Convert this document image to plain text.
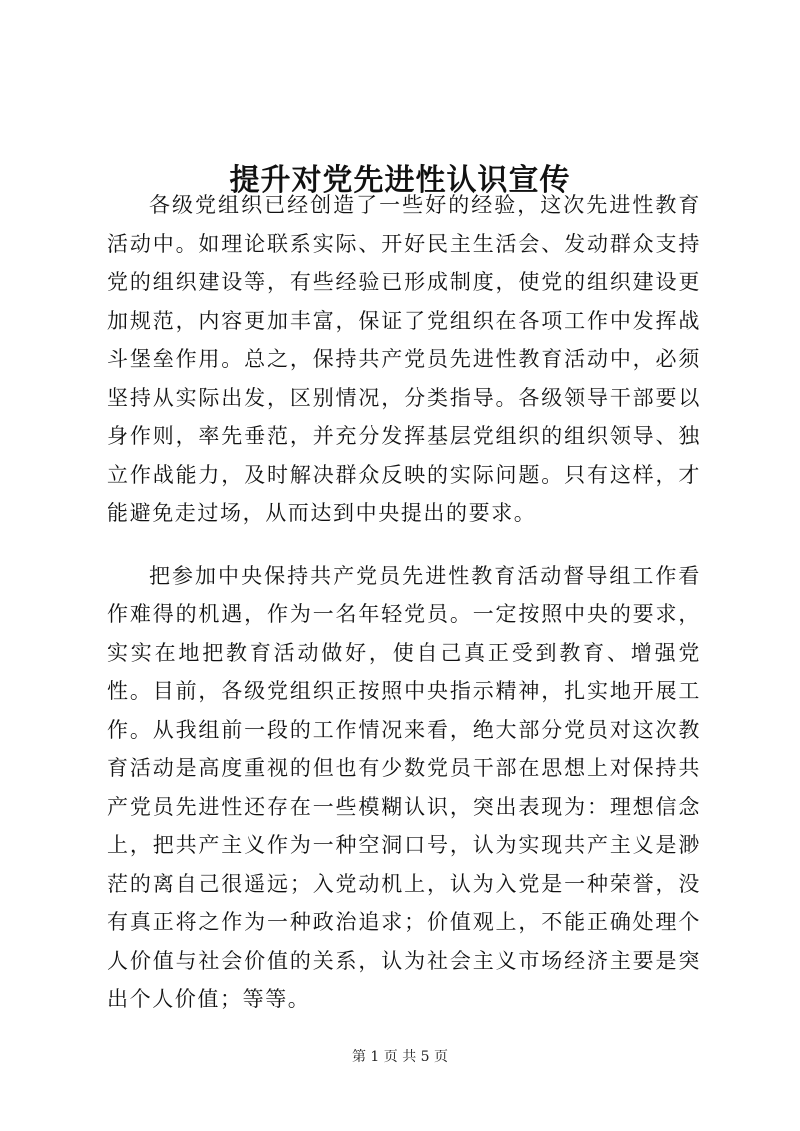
提升对党先进性认识宣传

各级党组织已经创造了一些好的经验，这次先进性教育活动中。如理论联系实际、开好民主生活会、发动群众支持党的组织建设等，有些经验已形成制度，使党的组织建设更加规范，内容更加丰富，保证了党组织在各项工作中发挥战斗堡垒作用。总之，保持共产党员先进性教育活动中，必须坚持从实际出发，区别情况，分类指导。各级领导干部要以身作则，率先垂范，并充分发挥基层党组织的组织领导、独立作战能力，及时解决群众反映的实际问题。只有这样，才能避免走过场，从而达到中央提出的要求。

把参加中央保持共产党员先进性教育活动督导组工作看作难得的机遇，作为一名年轻党员。一定按照中央的要求，实实在地把教育活动做好，使自己真正受到教育、增强党性。目前，各级党组织正按照中央指示精神，扎实地开展工作。从我组前一段的工作情况来看，绝大部分党员对这次教育活动是高度重视的但也有少数党员干部在思想上对保持共产党员先进性还存在一些模糊认识，突出表现为：理想信念上，把共产主义作为一种空洞口号，认为实现共产主义是渺茫的离自己很遥远；入党动机上，认为入党是一种荣誉，没有真正将之作为一种政治追求；价值观上，不能正确处理个人价值与社会价值的关系，认为社会主义市场经济主要是突出个人价值；等等。

第 1 页 共 5 页
